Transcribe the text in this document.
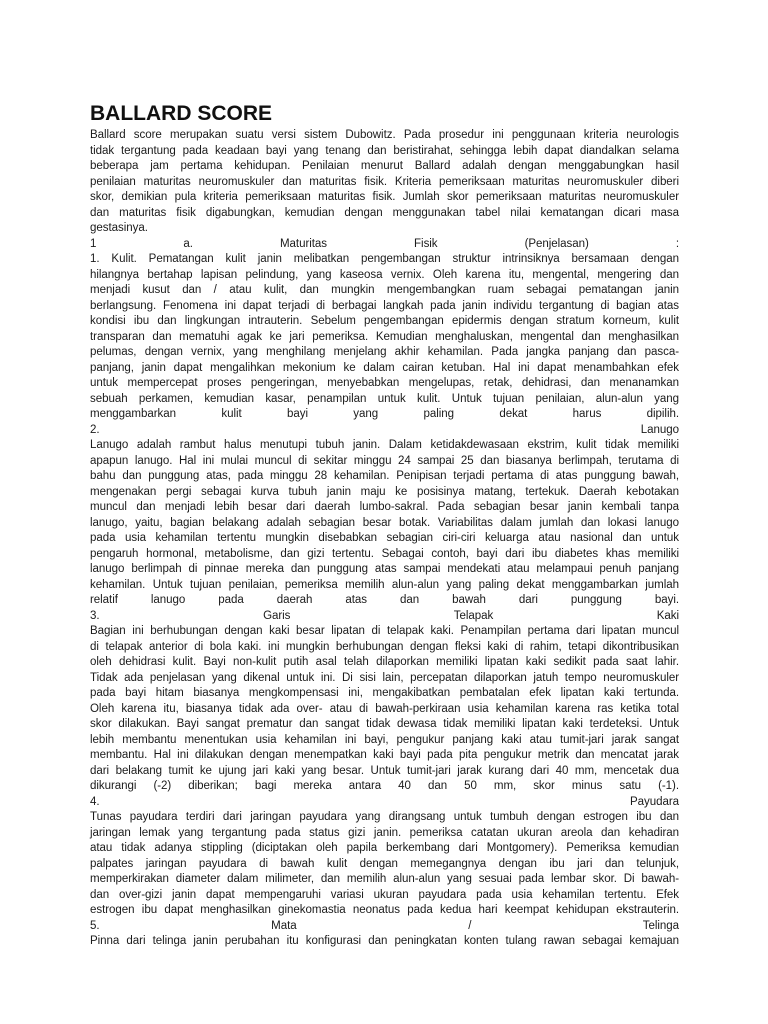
BALLARD SCORE
Ballard score merupakan suatu versi sistem Dubowitz. Pada prosedur ini penggunaan kriteria neurologis
tidak tergantung pada keadaan bayi yang tenang dan beristirahat, sehingga lebih dapat diandalkan selama
beberapa jam pertama kehidupan. Penilaian menurut Ballard adalah dengan menggabungkan hasil
penilaian maturitas neuromuskuler dan maturitas fisik. Kriteria pemeriksaan maturitas neuromuskuler diberi
skor, demikian pula kriteria pemeriksaan maturitas fisik. Jumlah skor pemeriksaan maturitas neuromuskuler
dan maturitas fisik digabungkan, kemudian dengan menggunakan tabel nilai kematangan dicari masa
gestasinya.
1 a. Maturitas Fisik (Penjelasan) :
1. Kulit. Pematangan kulit janin melibatkan pengembangan struktur intrinsiknya bersamaan dengan
hilangnya bertahap lapisan pelindung, yang kaseosa vernix. Oleh karena itu, mengental, mengering dan
menjadi kusut dan / atau kulit, dan mungkin mengembangkan ruam sebagai pematangan janin
berlangsung. Fenomena ini dapat terjadi di berbagai langkah pada janin individu tergantung di bagian atas
kondisi ibu dan lingkungan intrauterin. Sebelum pengembangan epidermis dengan stratum korneum, kulit
transparan dan mematuhi agak ke jari pemeriksa. Kemudian menghaluskan, mengental dan menghasilkan
pelumas, dengan vernix, yang menghilang menjelang akhir kehamilan. Pada jangka panjang dan pasca-
panjang, janin dapat mengalihkan mekonium ke dalam cairan ketuban. Hal ini dapat menambahkan efek
untuk mempercepat proses pengeringan, menyebabkan mengelupas, retak, dehidrasi, dan menanamkan
sebuah perkamen, kemudian kasar, penampilan untuk kulit. Untuk tujuan penilaian, alun-alun yang
menggambarkan kulit bayi yang paling dekat harus dipilih.
2. Lanugo
Lanugo adalah rambut halus menutupi tubuh janin. Dalam ketidakdewasaan ekstrim, kulit tidak memiliki
apapun lanugo. Hal ini mulai muncul di sekitar minggu 24 sampai 25 dan biasanya berlimpah, terutama di
bahu dan punggung atas, pada minggu 28 kehamilan. Penipisan terjadi pertama di atas punggung bawah,
mengenakan pergi sebagai kurva tubuh janin maju ke posisinya matang, tertekuk. Daerah kebotakan
muncul dan menjadi lebih besar dari daerah lumbo-sakral. Pada sebagian besar janin kembali tanpa
lanugo, yaitu, bagian belakang adalah sebagian besar botak. Variabilitas dalam jumlah dan lokasi lanugo
pada usia kehamilan tertentu mungkin disebabkan sebagian ciri-ciri keluarga atau nasional dan untuk
pengaruh hormonal, metabolisme, dan gizi tertentu. Sebagai contoh, bayi dari ibu diabetes khas memiliki
lanugo berlimpah di pinnae mereka dan punggung atas sampai mendekati atau melampaui penuh panjang
kehamilan. Untuk tujuan penilaian, pemeriksa memilih alun-alun yang paling dekat menggambarkan jumlah
relatif lanugo pada daerah atas dan bawah dari punggung bayi.
3. Garis Telapak Kaki
Bagian ini berhubungan dengan kaki besar lipatan di telapak kaki. Penampilan pertama dari lipatan muncul
di telapak anterior di bola kaki. ini mungkin berhubungan dengan fleksi kaki di rahim, tetapi dikontribusikan
oleh dehidrasi kulit. Bayi non-kulit putih asal telah dilaporkan memiliki lipatan kaki sedikit pada saat lahir.
Tidak ada penjelasan yang dikenal untuk ini. Di sisi lain, percepatan dilaporkan jatuh tempo neuromuskuler
pada bayi hitam biasanya mengkompensasi ini, mengakibatkan pembatalan efek lipatan kaki tertunda.
Oleh karena itu, biasanya tidak ada over- atau di bawah-perkiraan usia kehamilan karena ras ketika total
skor dilakukan. Bayi sangat prematur dan sangat tidak dewasa tidak memiliki lipatan kaki terdeteksi. Untuk
lebih membantu menentukan usia kehamilan ini bayi, pengukur panjang kaki atau tumit-jari jarak sangat
membantu. Hal ini dilakukan dengan menempatkan kaki bayi pada pita pengukur metrik dan mencatat jarak
dari belakang tumit ke ujung jari kaki yang besar. Untuk tumit-jari jarak kurang dari 40 mm, mencetak dua
dikurangi (-2) diberikan; bagi mereka antara 40 dan 50 mm, skor minus satu (-1).
4. Payudara
Tunas payudara terdiri dari jaringan payudara yang dirangsang untuk tumbuh dengan estrogen ibu dan
jaringan lemak yang tergantung pada status gizi janin. pemeriksa catatan ukuran areola dan kehadiran
atau tidak adanya stippling (diciptakan oleh papila berkembang dari Montgomery). Pemeriksa kemudian
palpates jaringan payudara di bawah kulit dengan memegangnya dengan ibu jari dan telunjuk,
memperkirakan diameter dalam milimeter, dan memilih alun-alun yang sesuai pada lembar skor. Di bawah-
dan over-gizi janin dapat mempengaruhi variasi ukuran payudara pada usia kehamilan tertentu. Efek
estrogen ibu dapat menghasilkan ginekomastia neonatus pada kedua hari keempat kehidupan ekstrauterin.
5. Mata / Telinga
Pinna dari telinga janin perubahan itu konfigurasi dan peningkatan konten tulang rawan sebagai kemajuan
